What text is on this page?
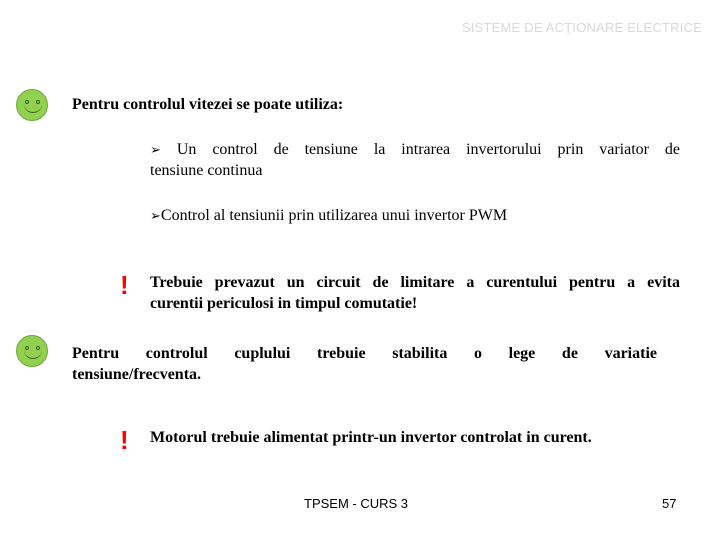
SISTEME DE ACŢIONARE ELECTRICE
Pentru controlul vitezei se poate utiliza:
➢ Un control de tensiune la intrarea invertorului prin variator de
tensiune continua
➢Control al tensiunii prin utilizarea unui invertor PWM
! Trebuie prevazut un circuit de limitare a curentului pentru a evita
curentii periculosi in timpul comutatie!
Pentru controlul cuplului trebuie stabilita o lege de variatie
tensiune/frecventa.
! Motorul trebuie alimentat printr-un invertor controlat in curent.
TPSEM - CURS 3	57
